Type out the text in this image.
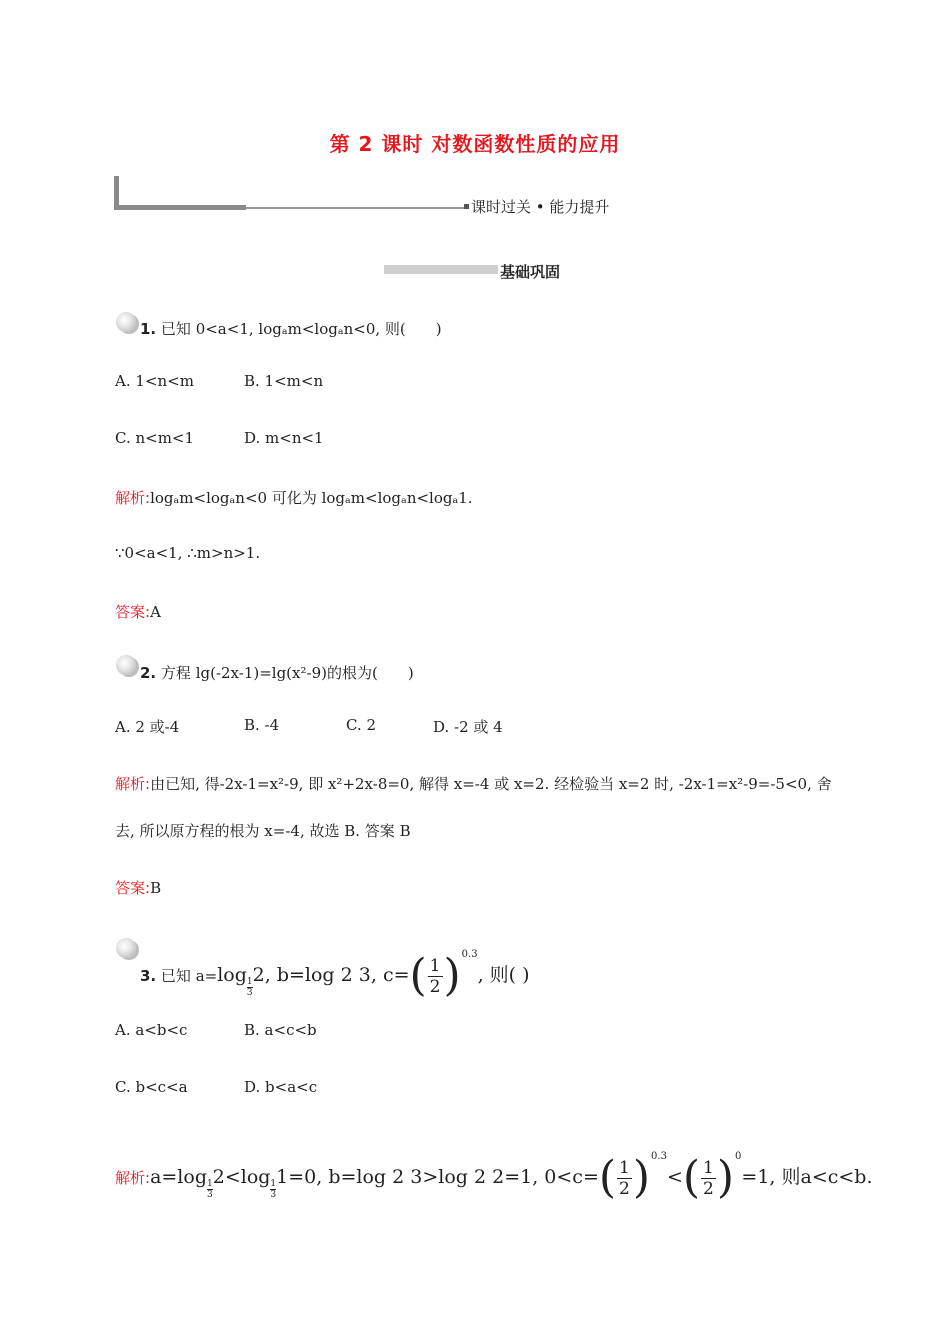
第 2 课时 对数函数性质的应用
课时过关 • 能力提升
基础巩固
1. 已知 0<a<1, logₐm<logₐn<0, 则(　　)
A. 1<n<m	B. 1<m<n
C. n<m<1	D. m<n<1
解析:logₐm<logₐn<0 可化为 logₐm<logₐn<logₐ1.
∵0<a<1, ∴m>n>1.
答案:A
2. 方程 lg(-2x-1)=lg(x²-9)的根为(　　)
A. 2 或-4	B. -4	C. 2	D. -2 或 4
解析:由已知, 得-2x-1=x²-9, 即 x²+2x-8=0, 解得 x=-4 或 x=2. 经检验当 x=2 时, -2x-1=x²-9=-5<0, 舍
去, 所以原方程的根为 x=-4, 故选 B. 答案 B
答案:B
3. 已知 a=log
$\frac{1}{3}2$, b=log 2 3, $c=( \frac{1}{2} )^{0.3}$, 则( )
A. a<b<c	B. a<c<b
C. b<c<a	D. b<a<c
解析:a=log
$\frac{1}{3}2<\log$
$\frac{1}{3}1=0$, b=log 2 3>log 2 2=1, $0<c=( \frac{1}{2} )^{0.3}<( \frac{1}{2} )^0=1$, 则a<c<b.
